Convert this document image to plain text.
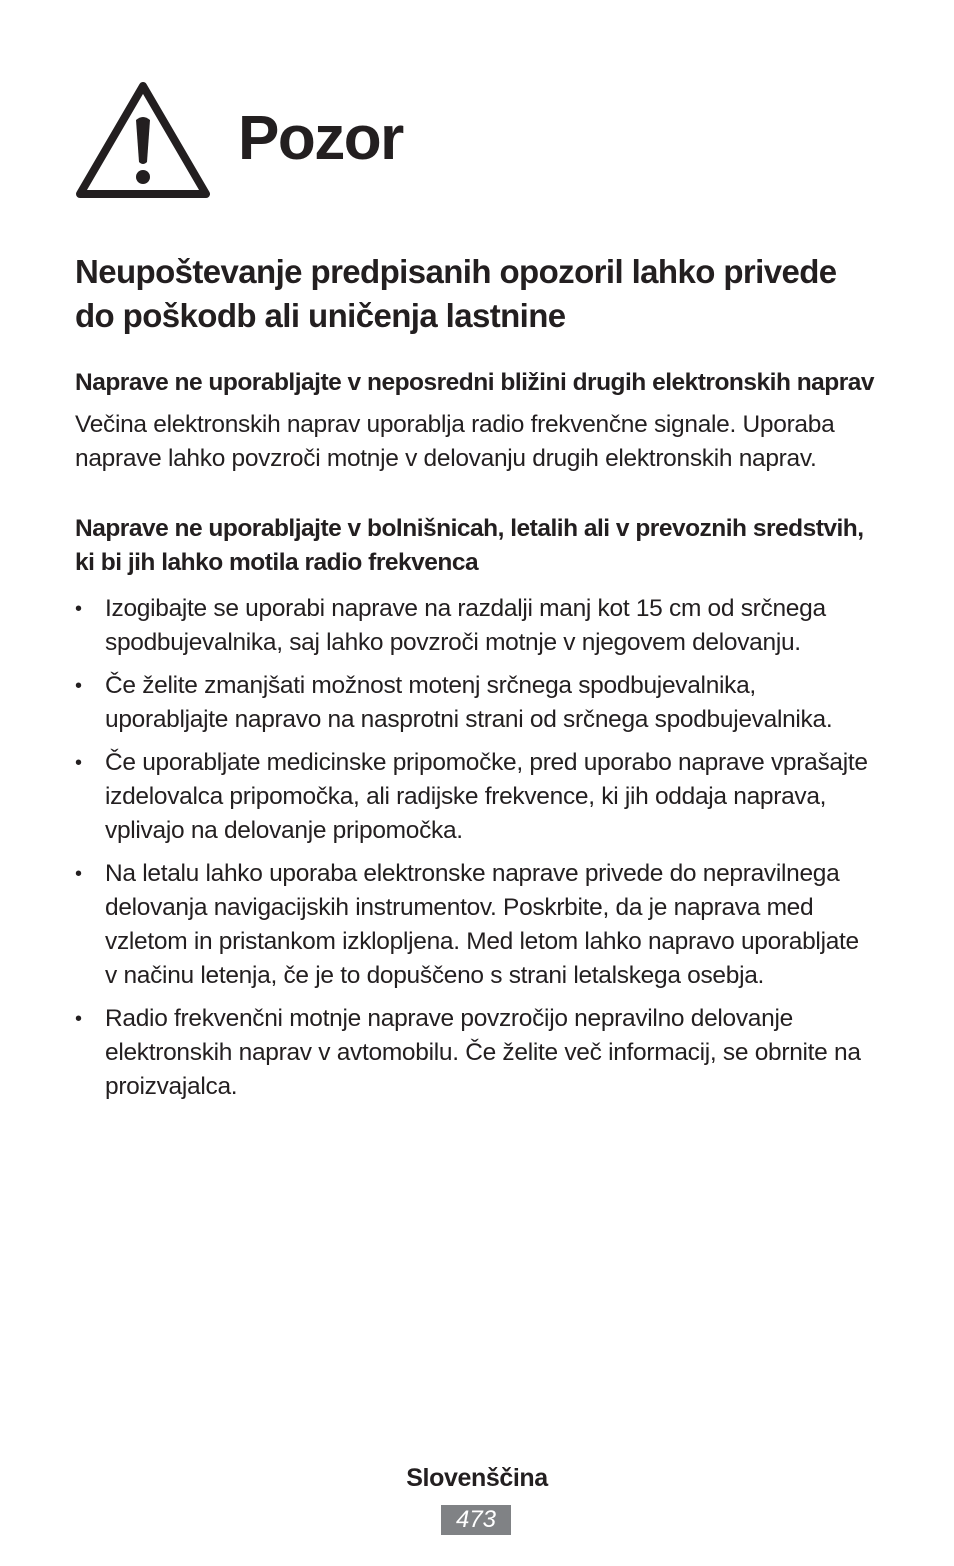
Pozor
Neupoštevanje predpisanih opozoril lahko privede do poškodb ali uničenja lastnine
Naprave ne uporabljajte v neposredni bližini drugih elektronskih naprav

Večina elektronskih naprav uporablja radio frekvenčne signale. Uporaba naprave lahko povzroči motnje v delovanju drugih elektronskih naprav.

Naprave ne uporabljajte v bolnišnicah, letalih ali v prevoznih sredstvih, ki bi jih lahko motila radio frekvenca
• Izogibajte se uporabi naprave na razdalji manj kot 15 cm od srčnega spodbujevalnika, saj lahko povzroči motnje v njegovem delovanju.
• Če želite zmanjšati možnost motenj srčnega spodbujevalnika, uporabljajte napravo na nasprotni strani od srčnega spodbujevalnika.
• Če uporabljate medicinske pripomočke, pred uporabo naprave vprašajte izdelovalca pripomočka, ali radijske frekvence, ki jih oddaja naprava, vplivajo na delovanje pripomočka.
• Na letalu lahko uporaba elektronske naprave privede do nepravilnega delovanja navigacijskih instrumentov. Poskrbite, da je naprava med vzletom in pristankom izklopljena. Med letom lahko napravo uporabljate v načinu letenja, če je to dopuščeno s strani letalskega osebja.
• Radio frekvenčni motnje naprave povzročijo nepravilno delovanje elektronskih naprav v avtomobilu. Če želite več informacij, se obrnite na proizvajalca.
Slovenščina
473
